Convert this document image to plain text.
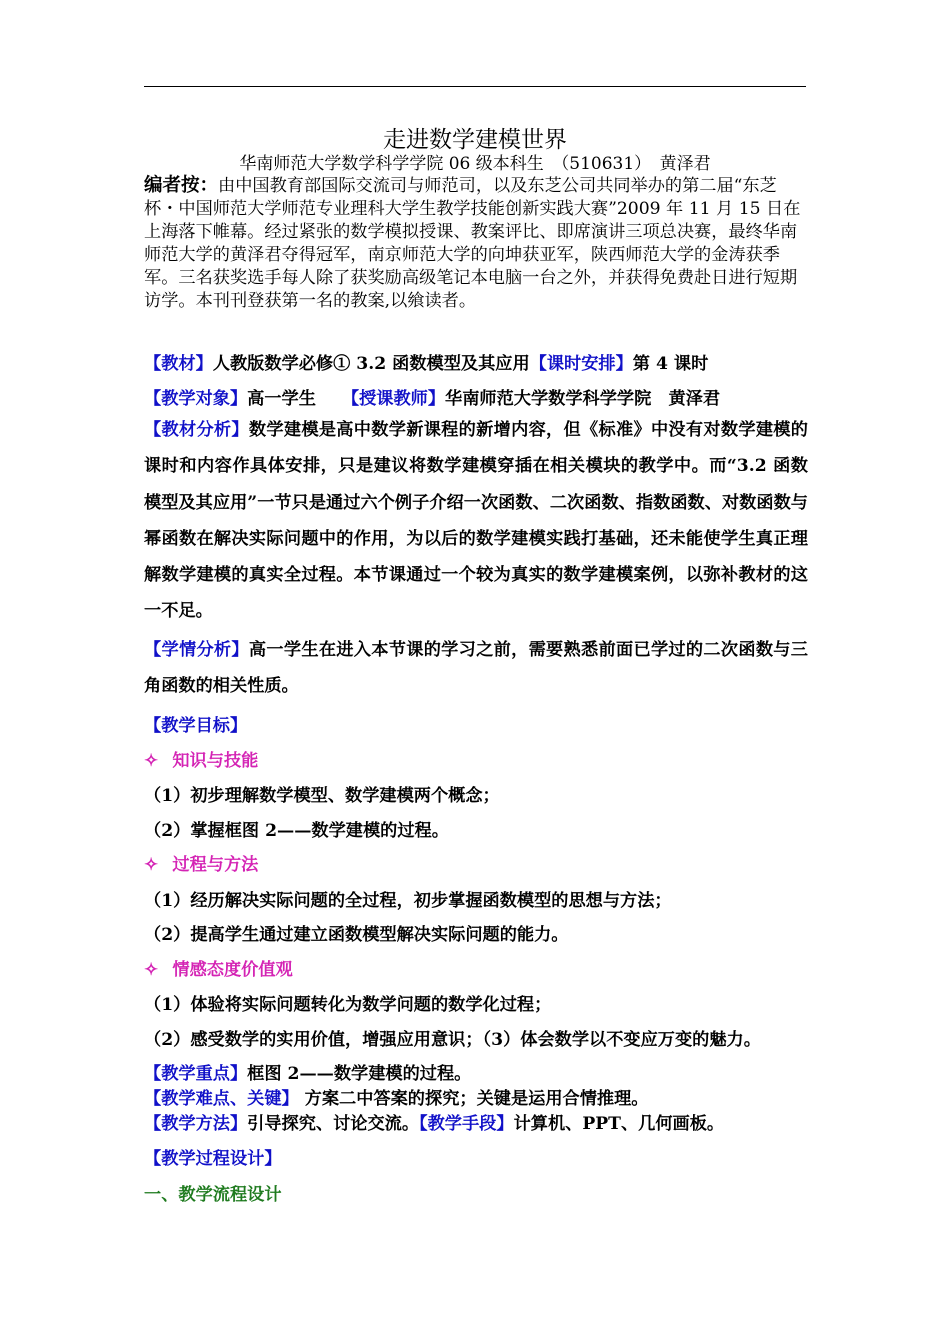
走进数学建模世界
华南师范大学数学科学学院 06 级本科生　（510631）　黄泽君
编者按：由中国教育部国际交流司与师范司，以及东芝公司共同举办的第二届“东芝杯・中国师范大学师范专业理科大学生教学技能创新实践大赛”2009 年 11 月 15 日在上海落下帷幕。经过紧张的数学模拟授课、教案评比、即席演讲三项总决赛，最终华南师范大学的黄泽君夺得冠军，南京师范大学的向坤获亚军，陕西师范大学的金涛获季军。三名获奖选手每人除了获奖励高级笔记本电脑一台之外，并获得免费赴日进行短期访学。本刊刊登获第一名的教案,以飨读者。
【教材】人教版数学必修① 3.2 函数模型及其应用【课时安排】第 4 课时
【教学对象】高一学生 【授课教师】华南师范大学数学科学学院　黄泽君
【教材分析】数学建模是高中数学新课程的新增内容，但《标准》中没有对数学建模的课时和内容作具体安排，只是建议将数学建模穿插在相关模块的教学中。而“3.2 函数模型及其应用”一节只是通过六个例子介绍一次函数、二次函数、指数函数、对数函数与幂函数在解决实际问题中的作用，为以后的数学建模实践打基础，还未能使学生真正理解数学建模的真实全过程。本节课通过一个较为真实的数学建模案例，以弥补教材的这一不足。
【学情分析】高一学生在进入本节课的学习之前，需要熟悉前面已学过的二次函数与三角函数的相关性质。
【教学目标】
✧ 知识与技能
（1）初步理解数学模型、数学建模两个概念；
（2）掌握框图 2——数学建模的过程。
✧ 过程与方法
（1）经历解决实际问题的全过程，初步掌握函数模型的思想与方法；
（2）提高学生通过建立函数模型解决实际问题的能力。
✧ 情感态度价值观
（1）体验将实际问题转化为数学问题的数学化过程；
（2）感受数学的实用价值，增强应用意识；（3）体会数学以不变应万变的魅力。
【教学重点】框图 2——数学建模的过程。
【教学难点、关键】 方案二中答案的探究；关键是运用合情推理。
【教学方法】引导探究、讨论交流。【教学手段】计算机、PPT、几何画板。
【教学过程设计】
一、教学流程设计
